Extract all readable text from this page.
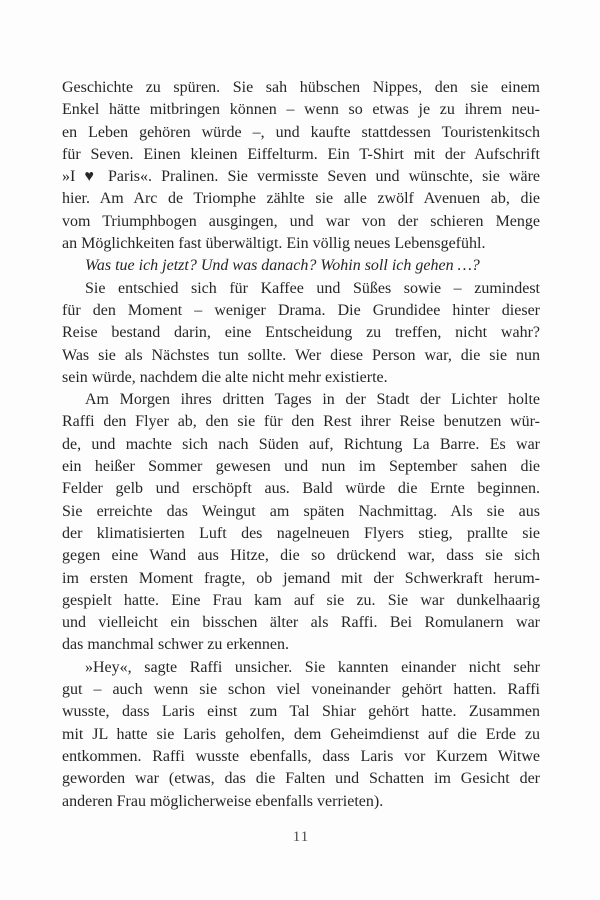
Geschichte zu spüren. Sie sah hübschen Nippes, den sie einem
Enkel hätte mitbringen können – wenn so etwas je zu ihrem neu-
en Leben gehören würde –, und kaufte stattdessen Touristenkitsch
für Seven. Einen kleinen Eiffelturm. Ein T-Shirt mit der Aufschrift
»I ♥ Paris«. Pralinen. Sie vermisste Seven und wünschte, sie wäre
hier. Am Arc de Triomphe zählte sie alle zwölf Avenuen ab, die
vom Triumphbogen ausgingen, und war von der schieren Menge
an Möglichkeiten fast überwältigt. Ein völlig neues Lebensgefühl.
Was tue ich jetzt? Und was danach? Wohin soll ich gehen …?
Sie entschied sich für Kaffee und Süßes sowie – zumindest
für den Moment – weniger Drama. Die Grundidee hinter dieser
Reise bestand darin, eine Entscheidung zu treffen, nicht wahr?
Was sie als Nächstes tun sollte. Wer diese Person war, die sie nun
sein würde, nachdem die alte nicht mehr existierte.
Am Morgen ihres dritten Tages in der Stadt der Lichter holte
Raffi den Flyer ab, den sie für den Rest ihrer Reise benutzen wür-
de, und machte sich nach Süden auf, Richtung La Barre. Es war
ein heißer Sommer gewesen und nun im September sahen die
Felder gelb und erschöpft aus. Bald würde die Ernte beginnen.
Sie erreichte das Weingut am späten Nachmittag. Als sie aus
der klimatisierten Luft des nagelneuen Flyers stieg, prallte sie
gegen eine Wand aus Hitze, die so drückend war, dass sie sich
im ersten Moment fragte, ob jemand mit der Schwerkraft herum-
gespielt hatte. Eine Frau kam auf sie zu. Sie war dunkelhaarig
und vielleicht ein bisschen älter als Raffi. Bei Romulanern war
das manchmal schwer zu erkennen.
»Hey«, sagte Raffi unsicher. Sie kannten einander nicht sehr
gut – auch wenn sie schon viel voneinander gehört hatten. Raffi
wusste, dass Laris einst zum Tal Shiar gehört hatte. Zusammen
mit JL hatte sie Laris geholfen, dem Geheimdienst auf die Erde zu
entkommen. Raffi wusste ebenfalls, dass Laris vor Kurzem Witwe
geworden war (etwas, das die Falten und Schatten im Gesicht der
anderen Frau möglicherweise ebenfalls verrieten).
11
